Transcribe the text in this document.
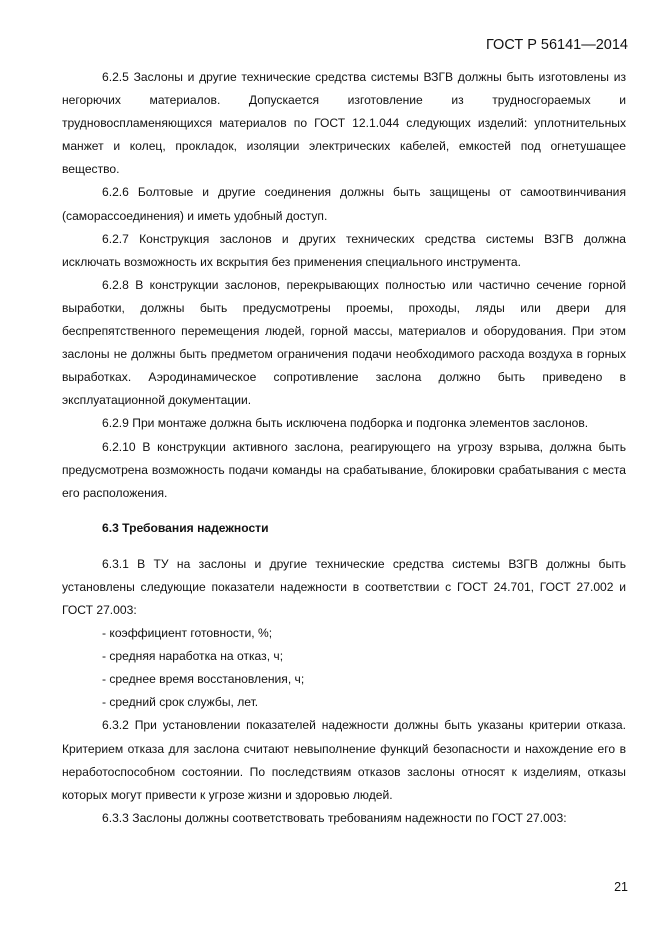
ГОСТ Р 56141—2014

6.2.5 Заслоны и другие технические средства системы ВЗГВ должны быть изготовлены из негорючих материалов. Допускается изготовление из трудносгораемых и трудновоспламеняющихся материалов по ГОСТ 12.1.044 следующих изделий: уплотнительных манжет и колец, прокладок, изоляции электрических кабелей, емкостей под огнетушащее вещество.

6.2.6 Болтовые и другие соединения должны быть защищены от самоотвинчивания (саморассоединения) и иметь удобный доступ.

6.2.7 Конструкция заслонов и других технических средства системы ВЗГВ должна исключать возможность их вскрытия без применения специального инструмента.

6.2.8 В конструкции заслонов, перекрывающих полностью или частично сечение горной выработки, должны быть предусмотрены проемы, проходы, ляды или двери для беспрепятственного перемещения людей, горной массы, материалов и оборудования. При этом заслоны не должны быть предметом ограничения подачи необходимого расхода воздуха в горных выработках. Аэродинамическое сопротивление заслона должно быть приведено в эксплуатационной документации.

6.2.9 При монтаже должна быть исключена подборка и подгонка элементов заслонов.

6.2.10 В конструкции активного заслона, реагирующего на угрозу взрыва, должна быть предусмотрена возможность подачи команды на срабатывание, блокировки срабатывания с места его расположения.

6.3 Требования надежности

6.3.1 В ТУ на заслоны и другие технические средства системы ВЗГВ должны быть установлены следующие показатели надежности в соответствии с ГОСТ 24.701, ГОСТ 27.002 и ГОСТ 27.003:

- коэффициент готовности, %;
- средняя наработка на отказ, ч;
- среднее время восстановления, ч;
- средний срок службы, лет.

6.3.2 При установлении показателей надежности должны быть указаны критерии отказа. Критерием отказа для заслона считают невыполнение функций безопасности и нахождение его в неработоспособном состоянии. По последствиям отказов заслоны относят к изделиям, отказы которых могут привести к угрозе жизни и здоровью людей.

6.3.3 Заслоны должны соответствовать требованиям надежности по ГОСТ 27.003:

21
